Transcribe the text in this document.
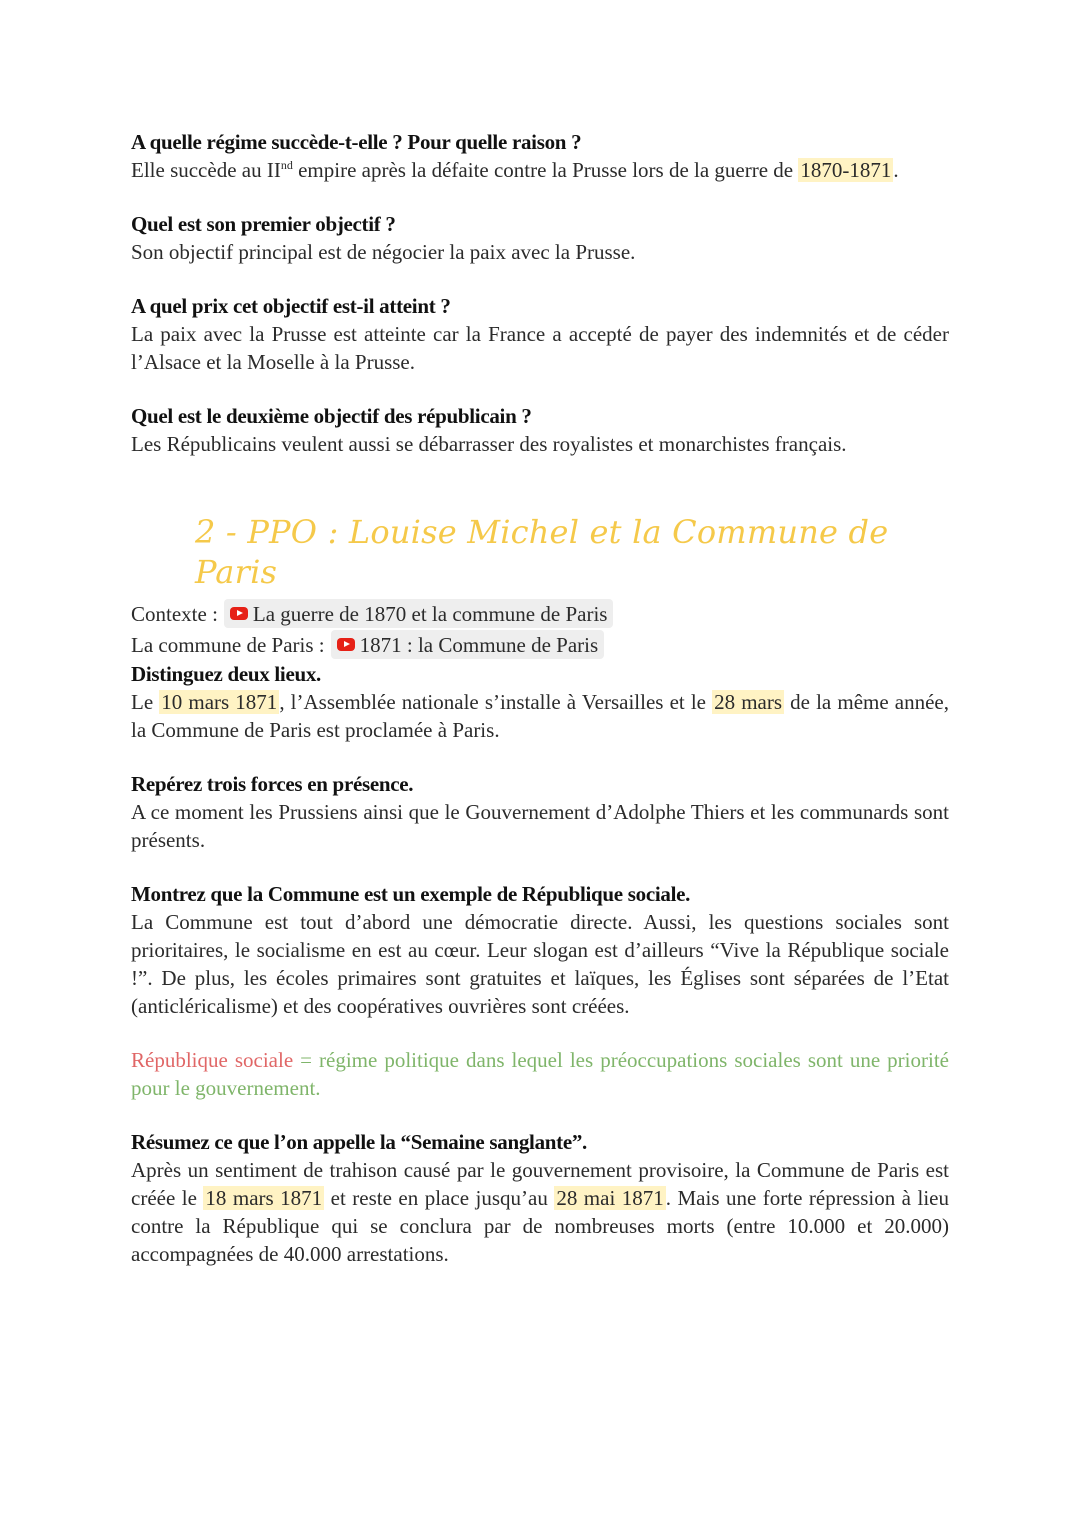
A quelle régime succède-t-elle ? Pour quelle raison ?

Elle succède au IInd empire après la défaite contre la Prusse lors de la guerre de 1870-1871.

Quel est son premier objectif ?

Son objectif principal est de négocier la paix avec la Prusse.

A quel prix cet objectif est-il atteint ?

La paix avec la Prusse est atteinte car la France a accepté de payer des indemnités et de céder l’Alsace et la Moselle à la Prusse.

Quel est le deuxième objectif des républicain ?

Les Républicains veulent aussi se débarrasser des royalistes et monarchistes français.

2 - PPO : Louise Michel et la Commune de Paris

Contexte : La guerre de 1870 et la commune de Paris

La commune de Paris : 1871 : la Commune de Paris

Distinguez deux lieux.

Le 10 mars 1871, l’Assemblée nationale s’installe à Versailles et le 28 mars de la même année, la Commune de Paris est proclamée à Paris.

Repérez trois forces en présence.

A ce moment les Prussiens ainsi que le Gouvernement d’Adolphe Thiers et les communards sont présents.

Montrez que la Commune est un exemple de République sociale.

La Commune est tout d’abord une démocratie directe. Aussi, les questions sociales sont prioritaires, le socialisme en est au cœur. Leur slogan est d’ailleurs “Vive la République sociale !”. De plus, les écoles primaires sont gratuites et laïques, les Églises sont séparées de l’Etat (anticléricalisme) et des coopératives ouvrières sont créées.

République sociale = régime politique dans lequel les préoccupations sociales sont une priorité pour le gouvernement.

Résumez ce que l’on appelle la “Semaine sanglante”.

Après un sentiment de trahison causé par le gouvernement provisoire, la Commune de Paris est créée le 18 mars 1871 et reste en place jusqu’au 28 mai 1871. Mais une forte répression à lieu contre la République qui se conclura par de nombreuses morts (entre 10.000 et 20.000) accompagnées de 40.000 arrestations.
